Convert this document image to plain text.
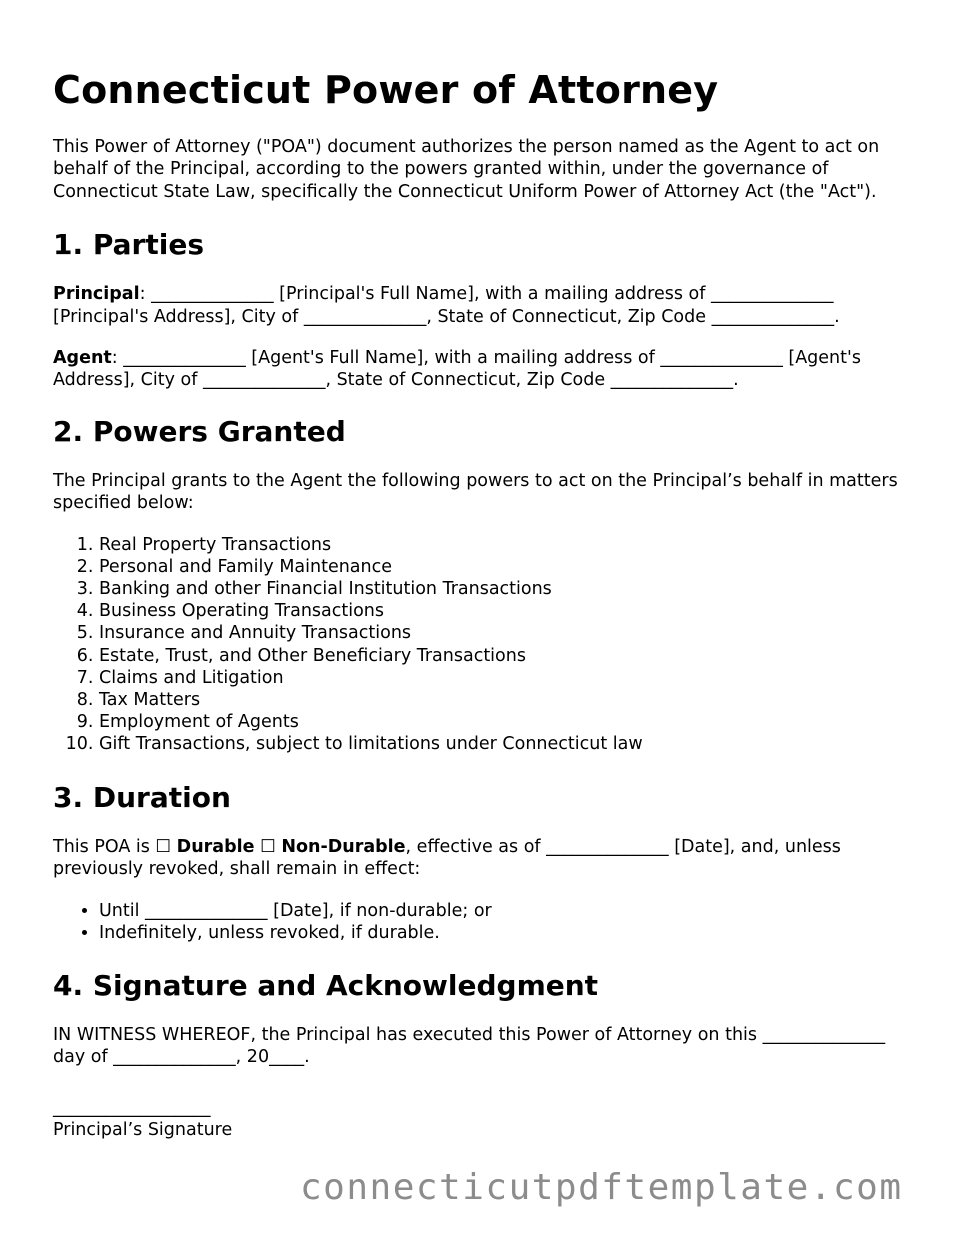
Connecticut Power of Attorney

This Power of Attorney ("POA") document authorizes the person named as the Agent to act on behalf of the Principal, according to the powers granted within, under the governance of Connecticut State Law, specifically the Connecticut Uniform Power of Attorney Act (the "Act").

1. Parties

Principal: ______________ [Principal's Full Name], with a mailing address of ______________ [Principal's Address], City of ______________, State of Connecticut, Zip Code ______________.

Agent: ______________ [Agent's Full Name], with a mailing address of ______________ [Agent's Address], City of ______________, State of Connecticut, Zip Code ______________.

2. Powers Granted

The Principal grants to the Agent the following powers to act on the Principal’s behalf in matters specified below:

1. Real Property Transactions
2. Personal and Family Maintenance
3. Banking and other Financial Institution Transactions
4. Business Operating Transactions
5. Insurance and Annuity Transactions
6. Estate, Trust, and Other Beneficiary Transactions
7. Claims and Litigation
8. Tax Matters
9. Employment of Agents
10. Gift Transactions, subject to limitations under Connecticut law
3. Duration

This POA is ☐ Durable ☐ Non-Durable, effective as of ______________ [Date], and, unless previously revoked, shall remain in effect:

• Until ______________ [Date], if non-durable; or
• Indefinitely, unless revoked, if durable.
4. Signature and Acknowledgment

IN WITNESS WHEREOF, the Principal has executed this Power of Attorney on this ______________ day of ______________, 20____.

__________________
Principal’s Signature
connecticutpdftemplate.com
